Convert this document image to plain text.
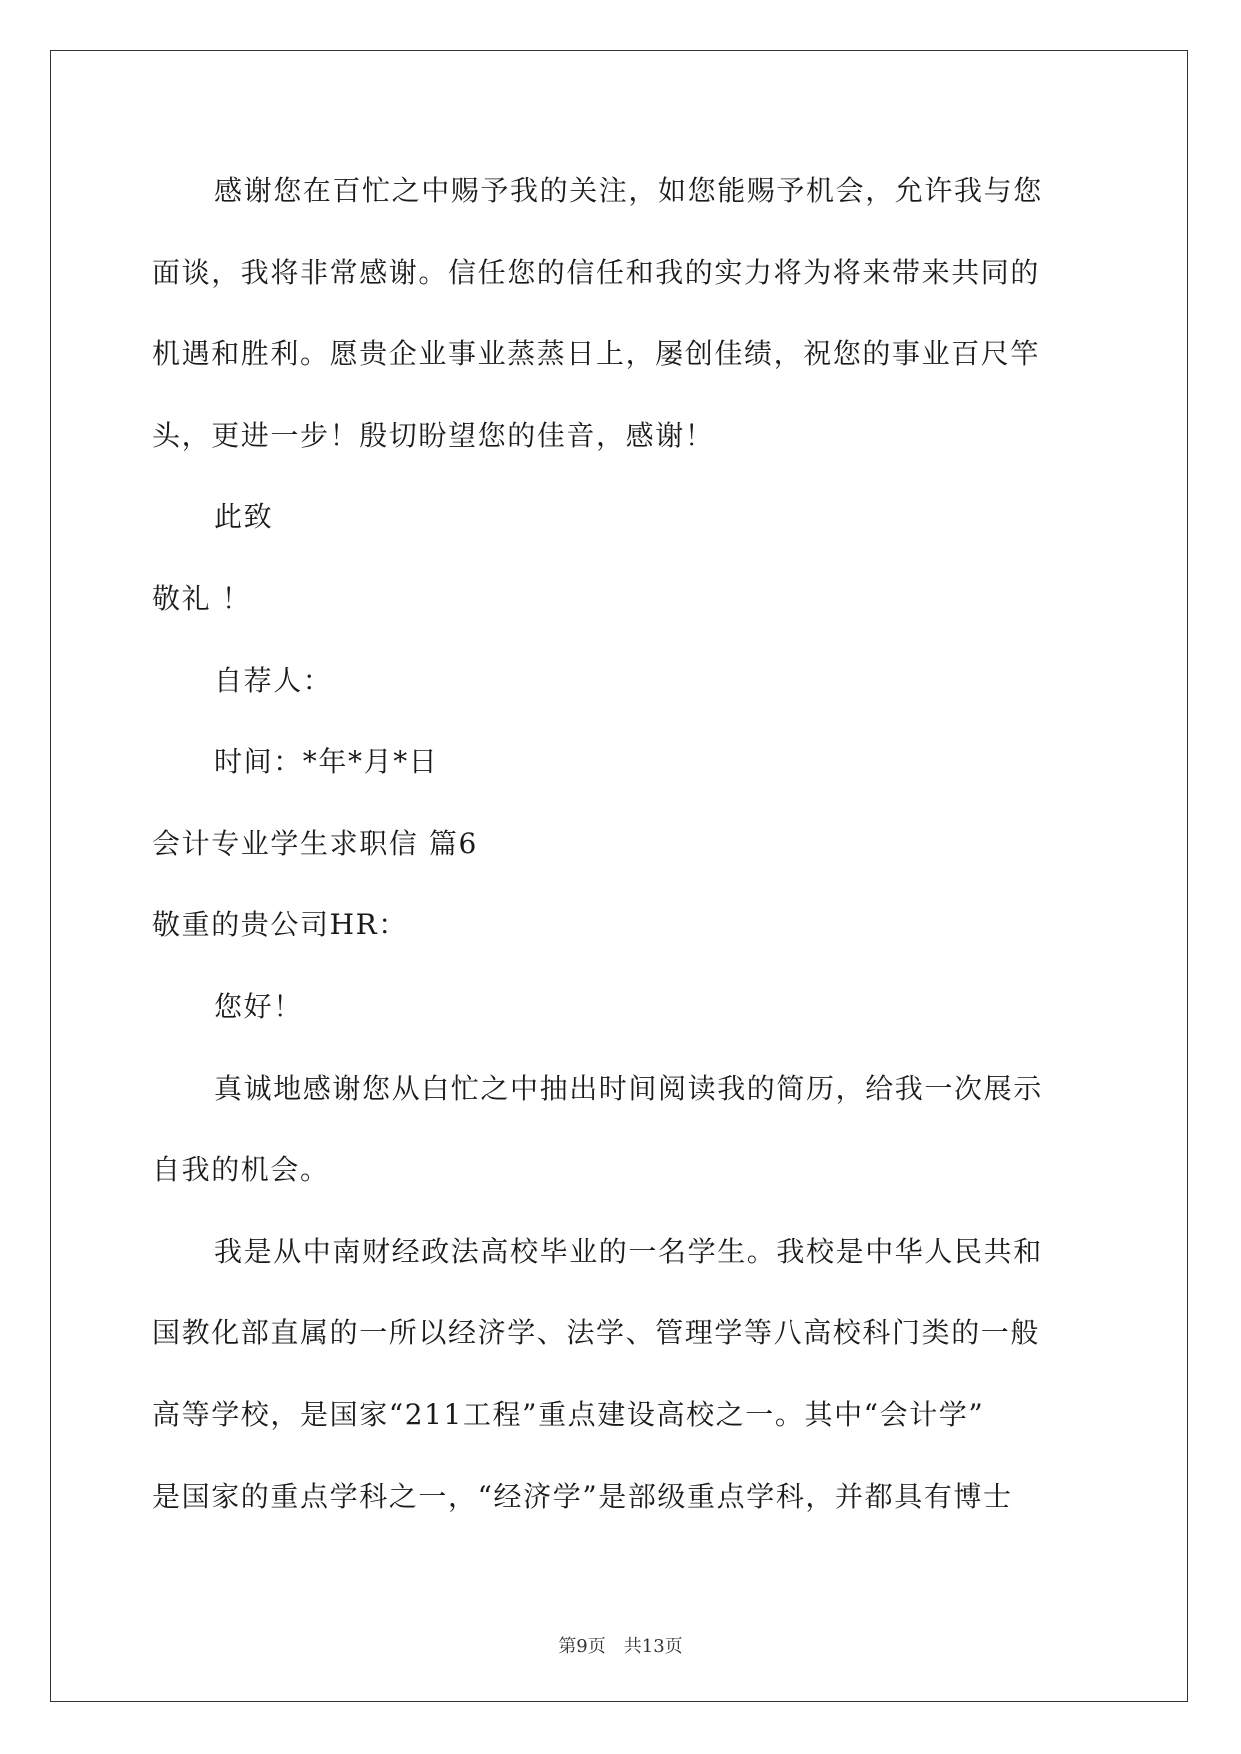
感谢您在百忙之中赐予我的关注，如您能赐予机会，允许我与您
面谈，我将非常感谢。信任您的信任和我的实力将为将来带来共同的
机遇和胜利。愿贵企业事业蒸蒸日上，屡创佳绩，祝您的事业百尺竿
头，更进一步！殷切盼望您的佳音，感谢！
此致
敬礼 ！
自荐人：
时间：*年*月*日
会计专业学生求职信 篇6
敬重的贵公司HR：
您好！
真诚地感谢您从白忙之中抽出时间阅读我的简历，给我一次展示
自我的机会。
我是从中南财经政法高校毕业的一名学生。我校是中华人民共和
国教化部直属的一所以经济学、法学、管理学等八高校科门类的一般
高等学校，是国家“211工程”重点建设高校之一。其中“会计学”
是国家的重点学科之一，“经济学”是部级重点学科，并都具有博士
第9页　共13页
